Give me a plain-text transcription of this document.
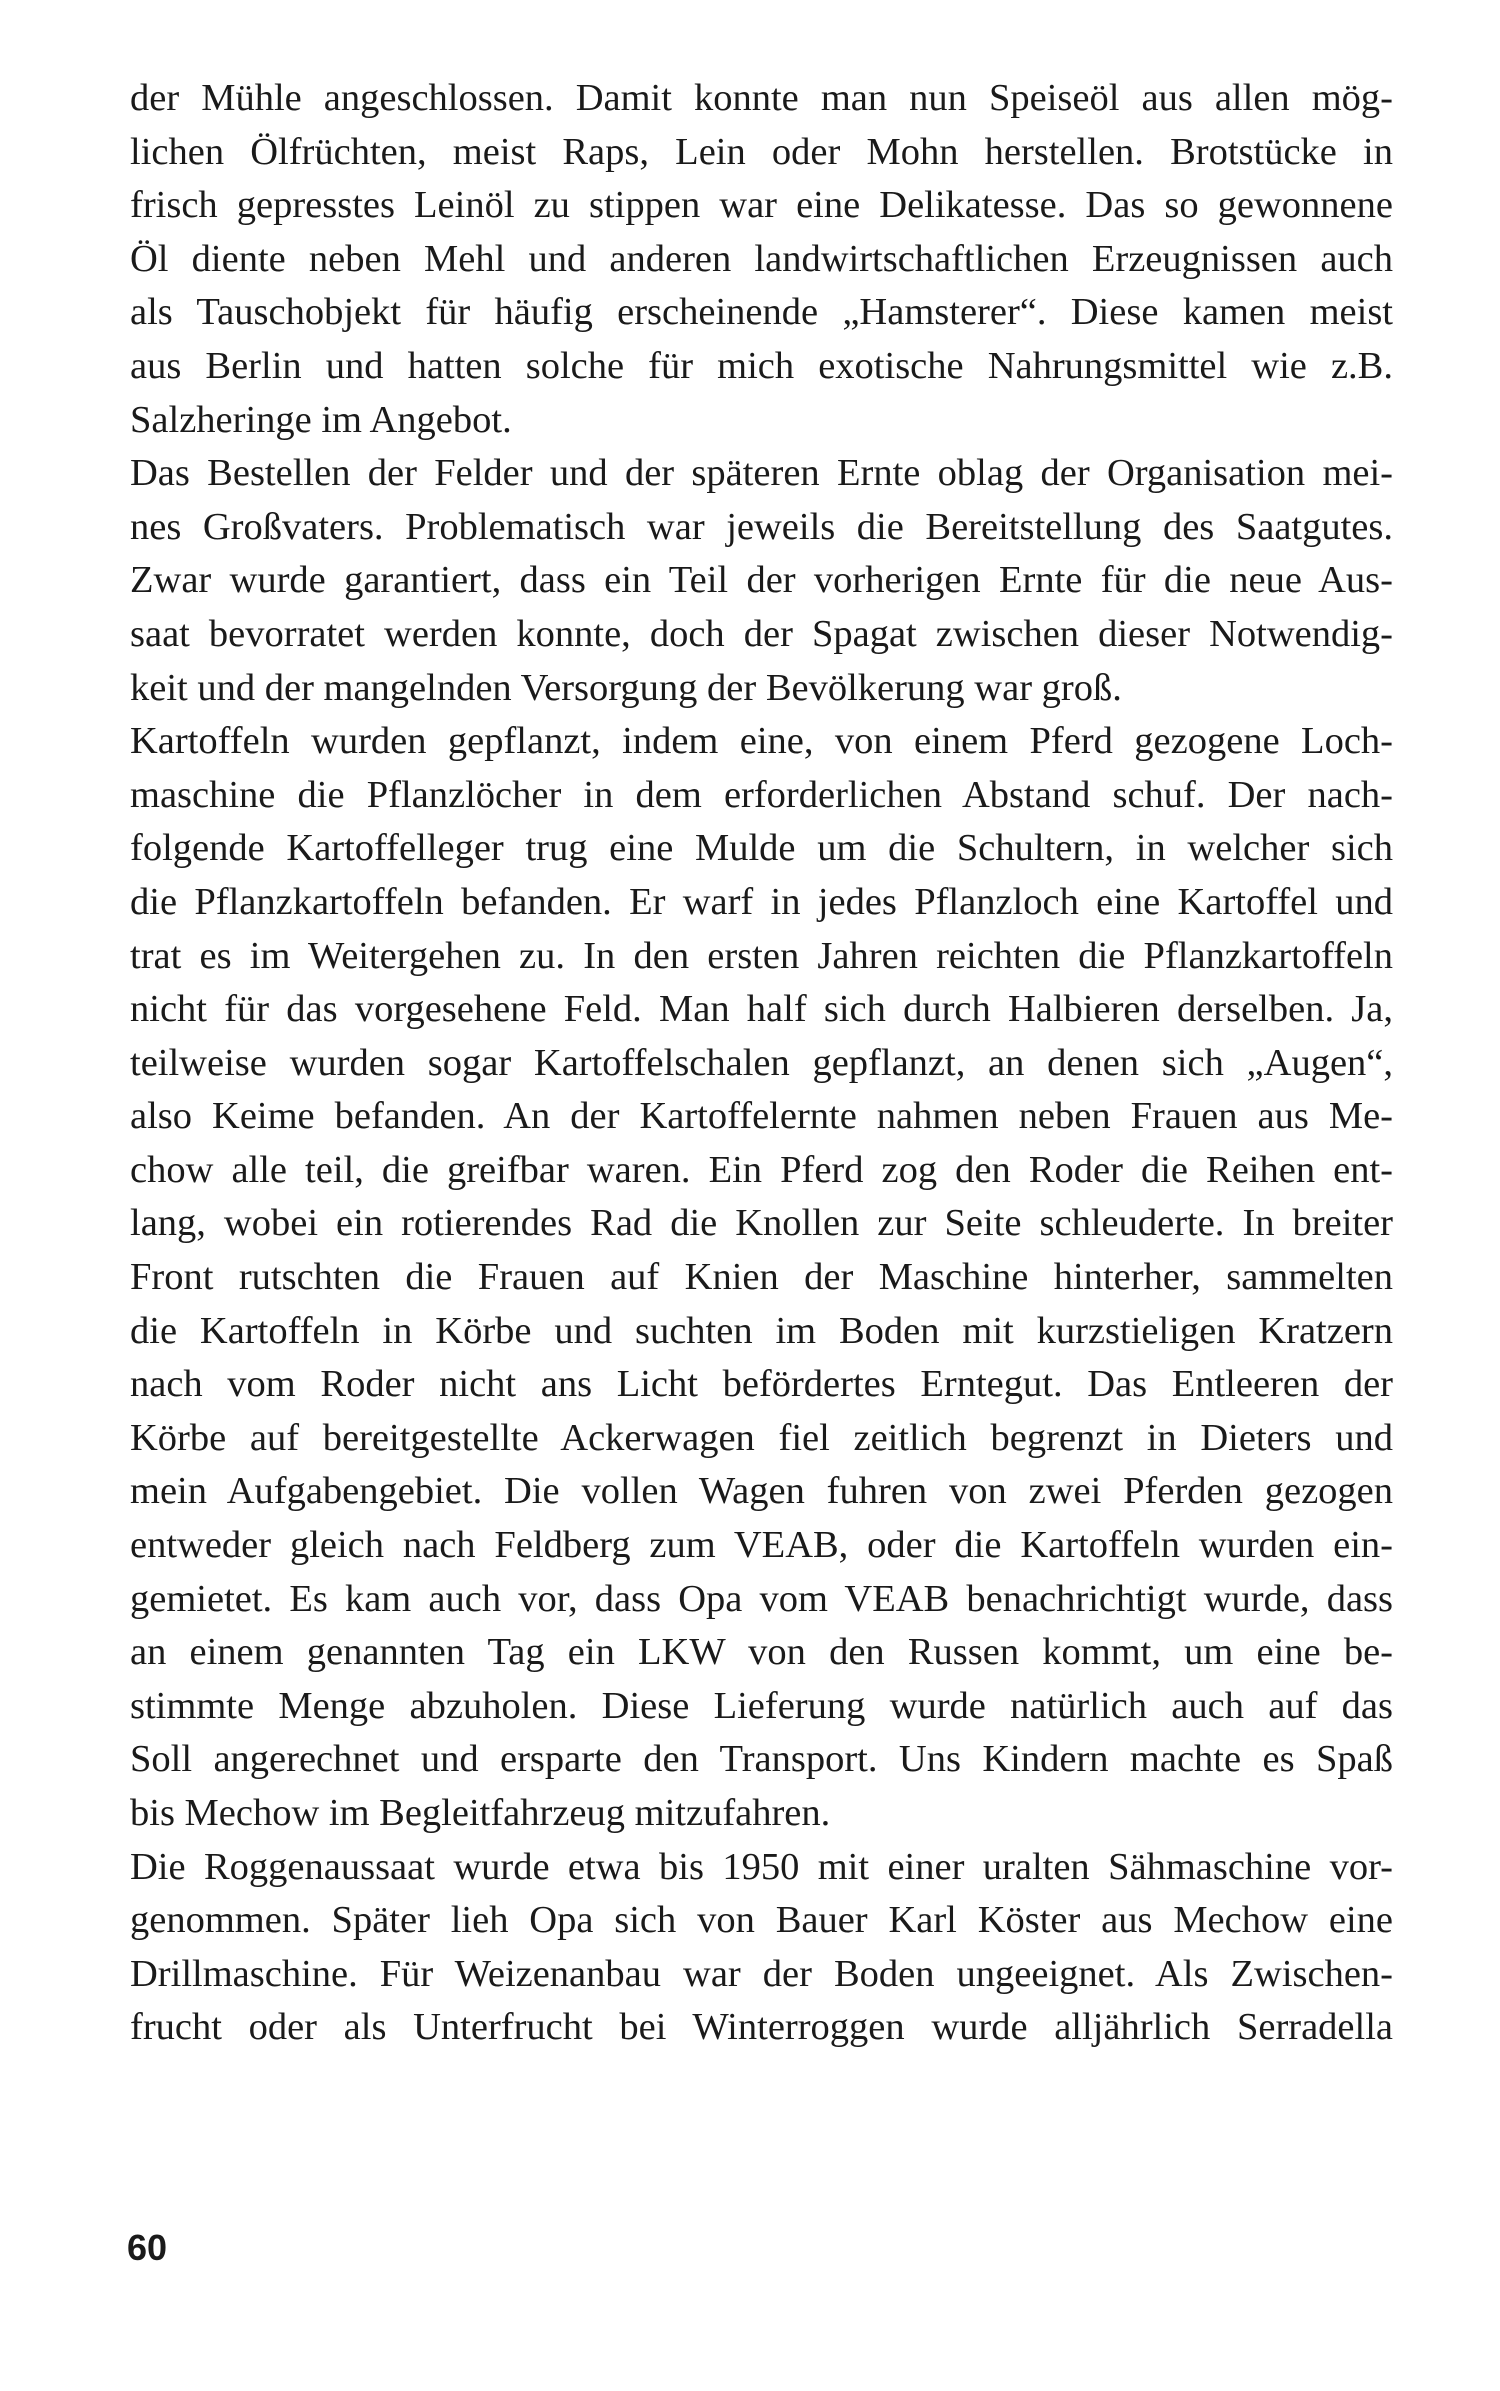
der Mühle angeschlossen. Damit konnte man nun Speiseöl aus allen mög-
lichen Ölfrüchten, meist Raps, Lein oder Mohn herstellen. Brotstücke in
frisch gepresstes Leinöl zu stippen war eine Delikatesse. Das so gewonnene
Öl diente neben Mehl und anderen landwirtschaftlichen Erzeugnissen auch
als Tauschobjekt für häufig erscheinende „Hamsterer“. Diese kamen meist
aus Berlin und hatten solche für mich exotische Nahrungsmittel wie z.B.
Salzheringe im Angebot.
Das Bestellen der Felder und der späteren Ernte oblag der Organisation mei-
nes Großvaters. Problematisch war jeweils die Bereitstellung des Saatgutes.
Zwar wurde garantiert, dass ein Teil der vorherigen Ernte für die neue Aus-
saat bevorratet werden konnte, doch der Spagat zwischen dieser Notwendig-
keit und der mangelnden Versorgung der Bevölkerung war groß.
Kartoffeln wurden gepflanzt, indem eine, von einem Pferd gezogene Loch-
maschine die Pflanzlöcher in dem erforderlichen Abstand schuf. Der nach-
folgende Kartoffelleger trug eine Mulde um die Schultern, in welcher sich
die Pflanzkartoffeln befanden. Er warf in jedes Pflanzloch eine Kartoffel und
trat es im Weitergehen zu. In den ersten Jahren reichten die Pflanzkartoffeln
nicht für das vorgesehene Feld. Man half sich durch Halbieren derselben. Ja,
teilweise wurden sogar Kartoffelschalen gepflanzt, an denen sich „Augen“,
also Keime befanden. An der Kartoffelernte nahmen neben Frauen aus Me-
chow alle teil, die greifbar waren. Ein Pferd zog den Roder die Reihen ent-
lang, wobei ein rotierendes Rad die Knollen zur Seite schleuderte. In breiter
Front rutschten die Frauen auf Knien der Maschine hinterher, sammelten
die Kartoffeln in Körbe und suchten im Boden mit kurzstieligen Kratzern
nach vom Roder nicht ans Licht befördertes Erntegut. Das Entleeren der
Körbe auf bereitgestellte Ackerwagen fiel zeitlich begrenzt in Dieters und
mein Aufgabengebiet. Die vollen Wagen fuhren von zwei Pferden gezogen
entweder gleich nach Feldberg zum VEAB, oder die Kartoffeln wurden ein-
gemietet. Es kam auch vor, dass Opa vom VEAB benachrichtigt wurde, dass
an einem genannten Tag ein LKW von den Russen kommt, um eine be-
stimmte Menge abzuholen. Diese Lieferung wurde natürlich auch auf das
Soll angerechnet und ersparte den Transport. Uns Kindern machte es Spaß
bis Mechow im Begleitfahrzeug mitzufahren.
Die Roggenaussaat wurde etwa bis 1950 mit einer uralten Sähmaschine vor-
genommen. Später lieh Opa sich von Bauer Karl Köster aus Mechow eine
Drillmaschine. Für Weizenanbau war der Boden ungeeignet. Als Zwischen-
frucht oder als Unterfrucht bei Winterroggen wurde alljährlich Serradella
60
